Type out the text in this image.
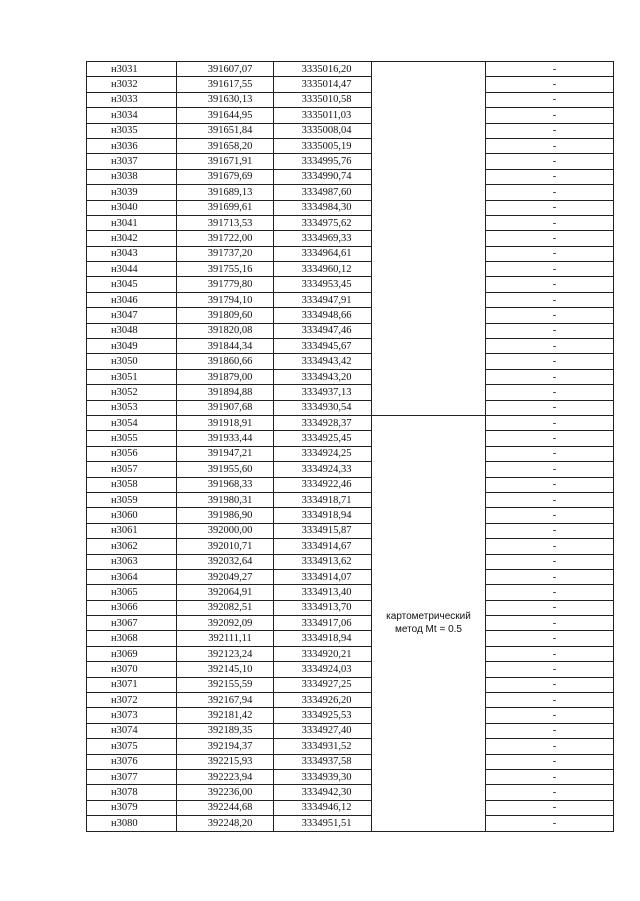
н3031	391607,07	3335016,20		-
н3032	391617,55	3335014,47		-
н3033	391630,13	3335010,58		-
н3034	391644,95	3335011,03		-
н3035	391651,84	3335008,04		-
н3036	391658,20	3335005,19		-
н3037	391671,91	3334995,76		-
н3038	391679,69	3334990,74		-
н3039	391689,13	3334987,60		-
н3040	391699,61	3334984,30		-
н3041	391713,53	3334975,62		-
н3042	391722,00	3334969,33		-
н3043	391737,20	3334964,61		-
н3044	391755,16	3334960,12		-
н3045	391779,80	3334953,45		-
н3046	391794,10	3334947,91		-
н3047	391809,60	3334948,66		-
н3048	391820,08	3334947,46		-
н3049	391844,34	3334945,67		-
н3050	391860,66	3334943,42		-
н3051	391879,00	3334943,20		-
н3052	391894,88	3334937,13		-
н3053	391907,68	3334930,54		-
н3054	391918,91	3334928,37	картометрический метод Mt = 0.5	-
н3055	391933,44	3334925,45		-
н3056	391947,21	3334924,25		-
н3057	391955,60	3334924,33		-
н3058	391968,33	3334922,46		-
н3059	391980,31	3334918,71		-
н3060	391986,90	3334918,94		-
н3061	392000,00	3334915,87		-
н3062	392010,71	3334914,67		-
н3063	392032,64	3334913,62		-
н3064	392049,27	3334914,07		-
н3065	392064,91	3334913,40		-
н3066	392082,51	3334913,70		-
н3067	392092,09	3334917,06		-
н3068	392111,11	3334918,94		-
н3069	392123,24	3334920,21		-
н3070	392145,10	3334924,03		-
н3071	392155,59	3334927,25		-
н3072	392167,94	3334926,20		-
н3073	392181,42	3334925,53		-
н3074	392189,35	3334927,40		-
н3075	392194,37	3334931,52		-
н3076	392215,93	3334937,58		-
н3077	392223,94	3334939,30		-
н3078	392236,00	3334942,30		-
н3079	392244,68	3334946,12		-
н3080	392248,20	3334951,51		-
